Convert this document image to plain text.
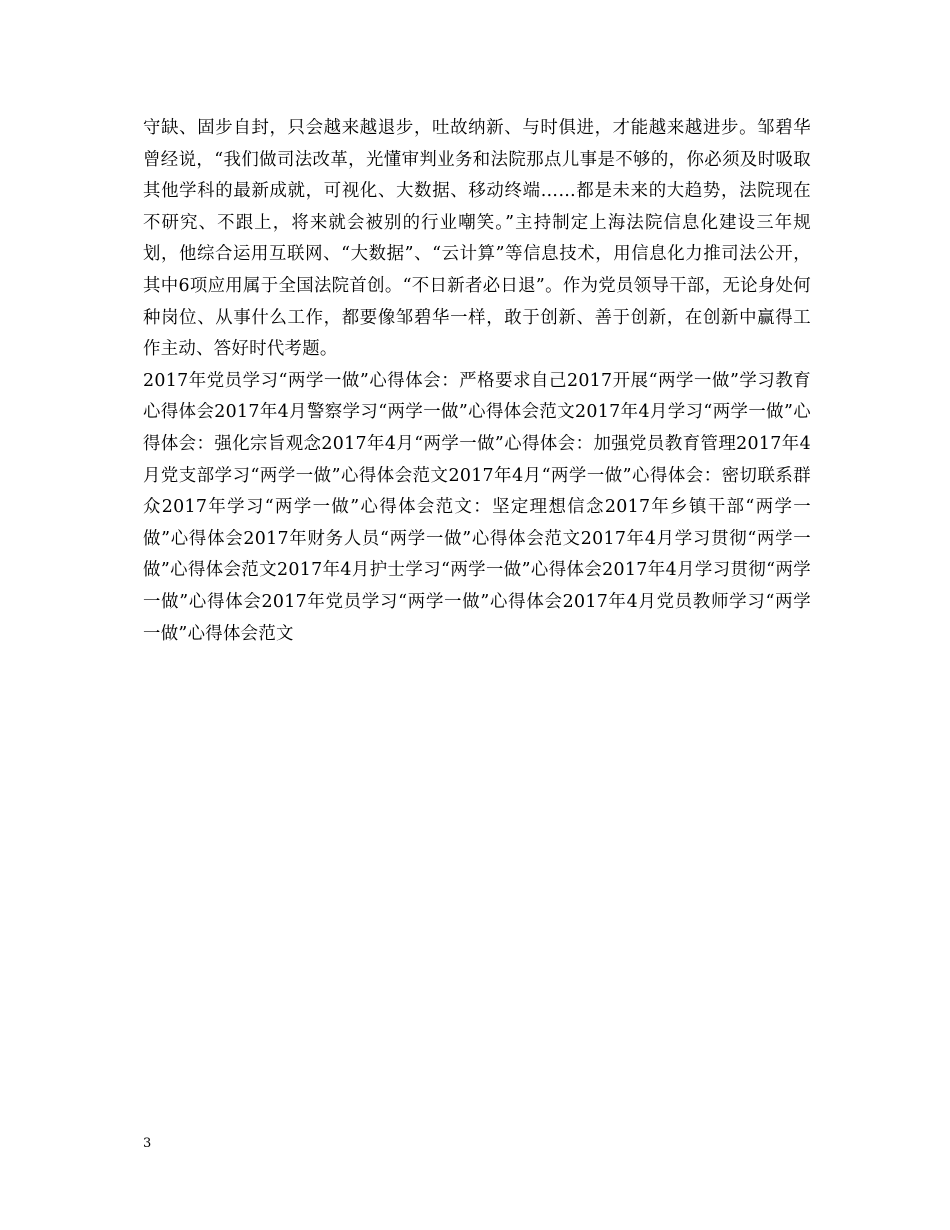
守缺、固步自封，只会越来越退步，吐故纳新、与时俱进，才能越来越进步。邹碧华曾经说，“我们做司法改革，光懂审判业务和法院那点儿事是不够的，你必须及时吸取其他学科的最新成就，可视化、大数据、移动终端……都是未来的大趋势，法院现在不研究、不跟上，将来就会被别的行业嘲笑。”主持制定上海法院信息化建设三年规划，他综合运用互联网、“大数据”、“云计算”等信息技术，用信息化力推司法公开，其中6项应用属于全国法院首创。“不日新者必日退”。作为党员领导干部，无论身处何种岗位、从事什么工作，都要像邹碧华一样，敢于创新、善于创新，在创新中赢得工作主动、答好时代考题。

2017年党员学习“两学一做”心得体会：严格要求自己2017开展“两学一做”学习教育心得体会2017年4月警察学习“两学一做”心得体会范文2017年4月学习“两学一做”心得体会：强化宗旨观念2017年4月“两学一做”心得体会：加强党员教育管理2017年4月党支部学习“两学一做”心得体会范文2017年4月“两学一做”心得体会：密切联系群众2017年学习“两学一做”心得体会范文：坚定理想信念2017年乡镇干部“两学一做”心得体会2017年财务人员“两学一做”心得体会范文2017年4月学习贯彻“两学一做”心得体会范文2017年4月护士学习“两学一做”心得体会2017年4月学习贯彻“两学一做”心得体会2017年党员学习“两学一做”心得体会2017年4月党员教师学习“两学一做”心得体会范文

3
